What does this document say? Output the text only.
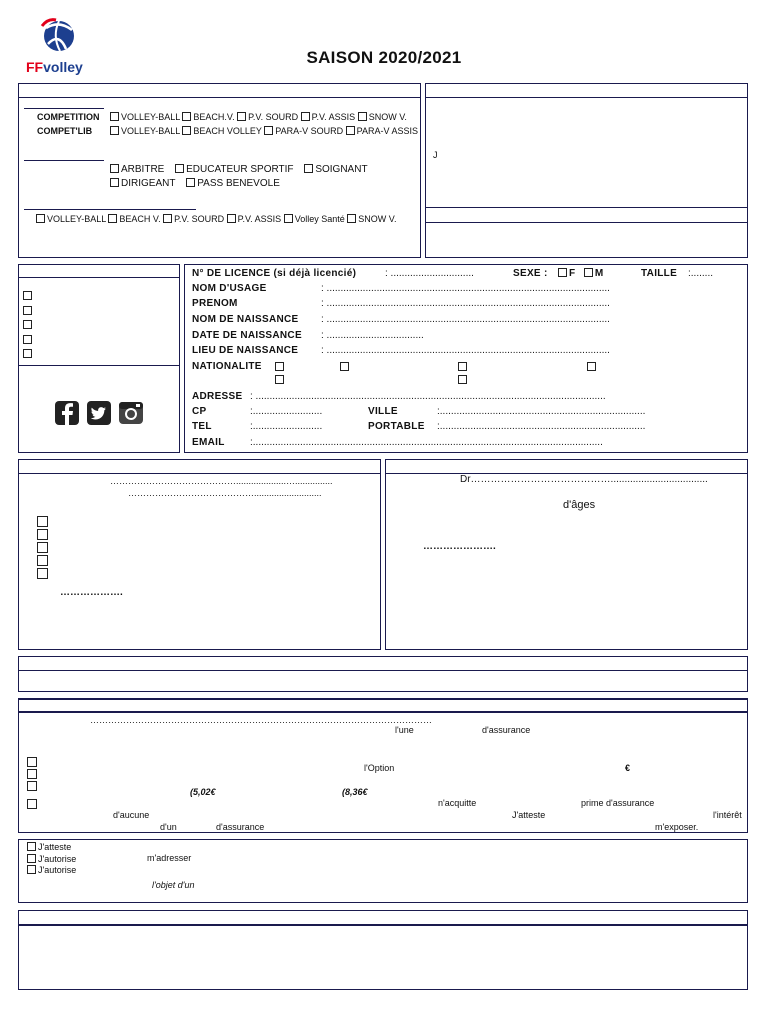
FFvolley	SAISON 2020/2021
J
COMPETITION
COMPET'LIB
VOLLEY-BALL BEACH.V. P.V. SOURD P.V. ASSIS SNOW V.
VOLLEY-BALL BEACH VOLLEY PARA-V SOURD PARA-V ASSIS
ARBITRE EDUCATEUR SPORTIF SOIGNANT
DIRIGEANT PASS BENEVOLE
VOLLEY-BALL BEACH V. P.V. SOURD P.V. ASSIS Volley Santé SNOW V.
N° DE LICENCE (si déjà licencié)	: ..............................	SEXE :	F M	TAILLE :........
NOM D'USAGE	: ......................................................................................................
PRENOM	: ......................................................................................................
NOM DE NAISSANCE : ......................................................................................................
DATE DE NAISSANCE : ...................................
LIEU DE NAISSANCE : ......................................................................................................
NATIONALITE
ADRESSE : ..............................................................................................................................
CP	:.........................	VILLE	:..........................................................................
TEL	:.........................	PORTABLE :..........................................................................
EMAIL	:..............................................................................................................................
……………………………………....................…...............
……………………………………...........................
……………….
Dr……………………………………...................................
d'âges
………………….
……………………………………………………………………………………………………
l'une	d'assurance
l'Option	€
(5,02€	(8,36€
n'acquitte	prime d'assurance
d'aucune	J'atteste	l'intérêt
d'un	d'assurance	m'exposer.
J'atteste
J'autorise
J'autorise
m'adresser
l'objet d'un
